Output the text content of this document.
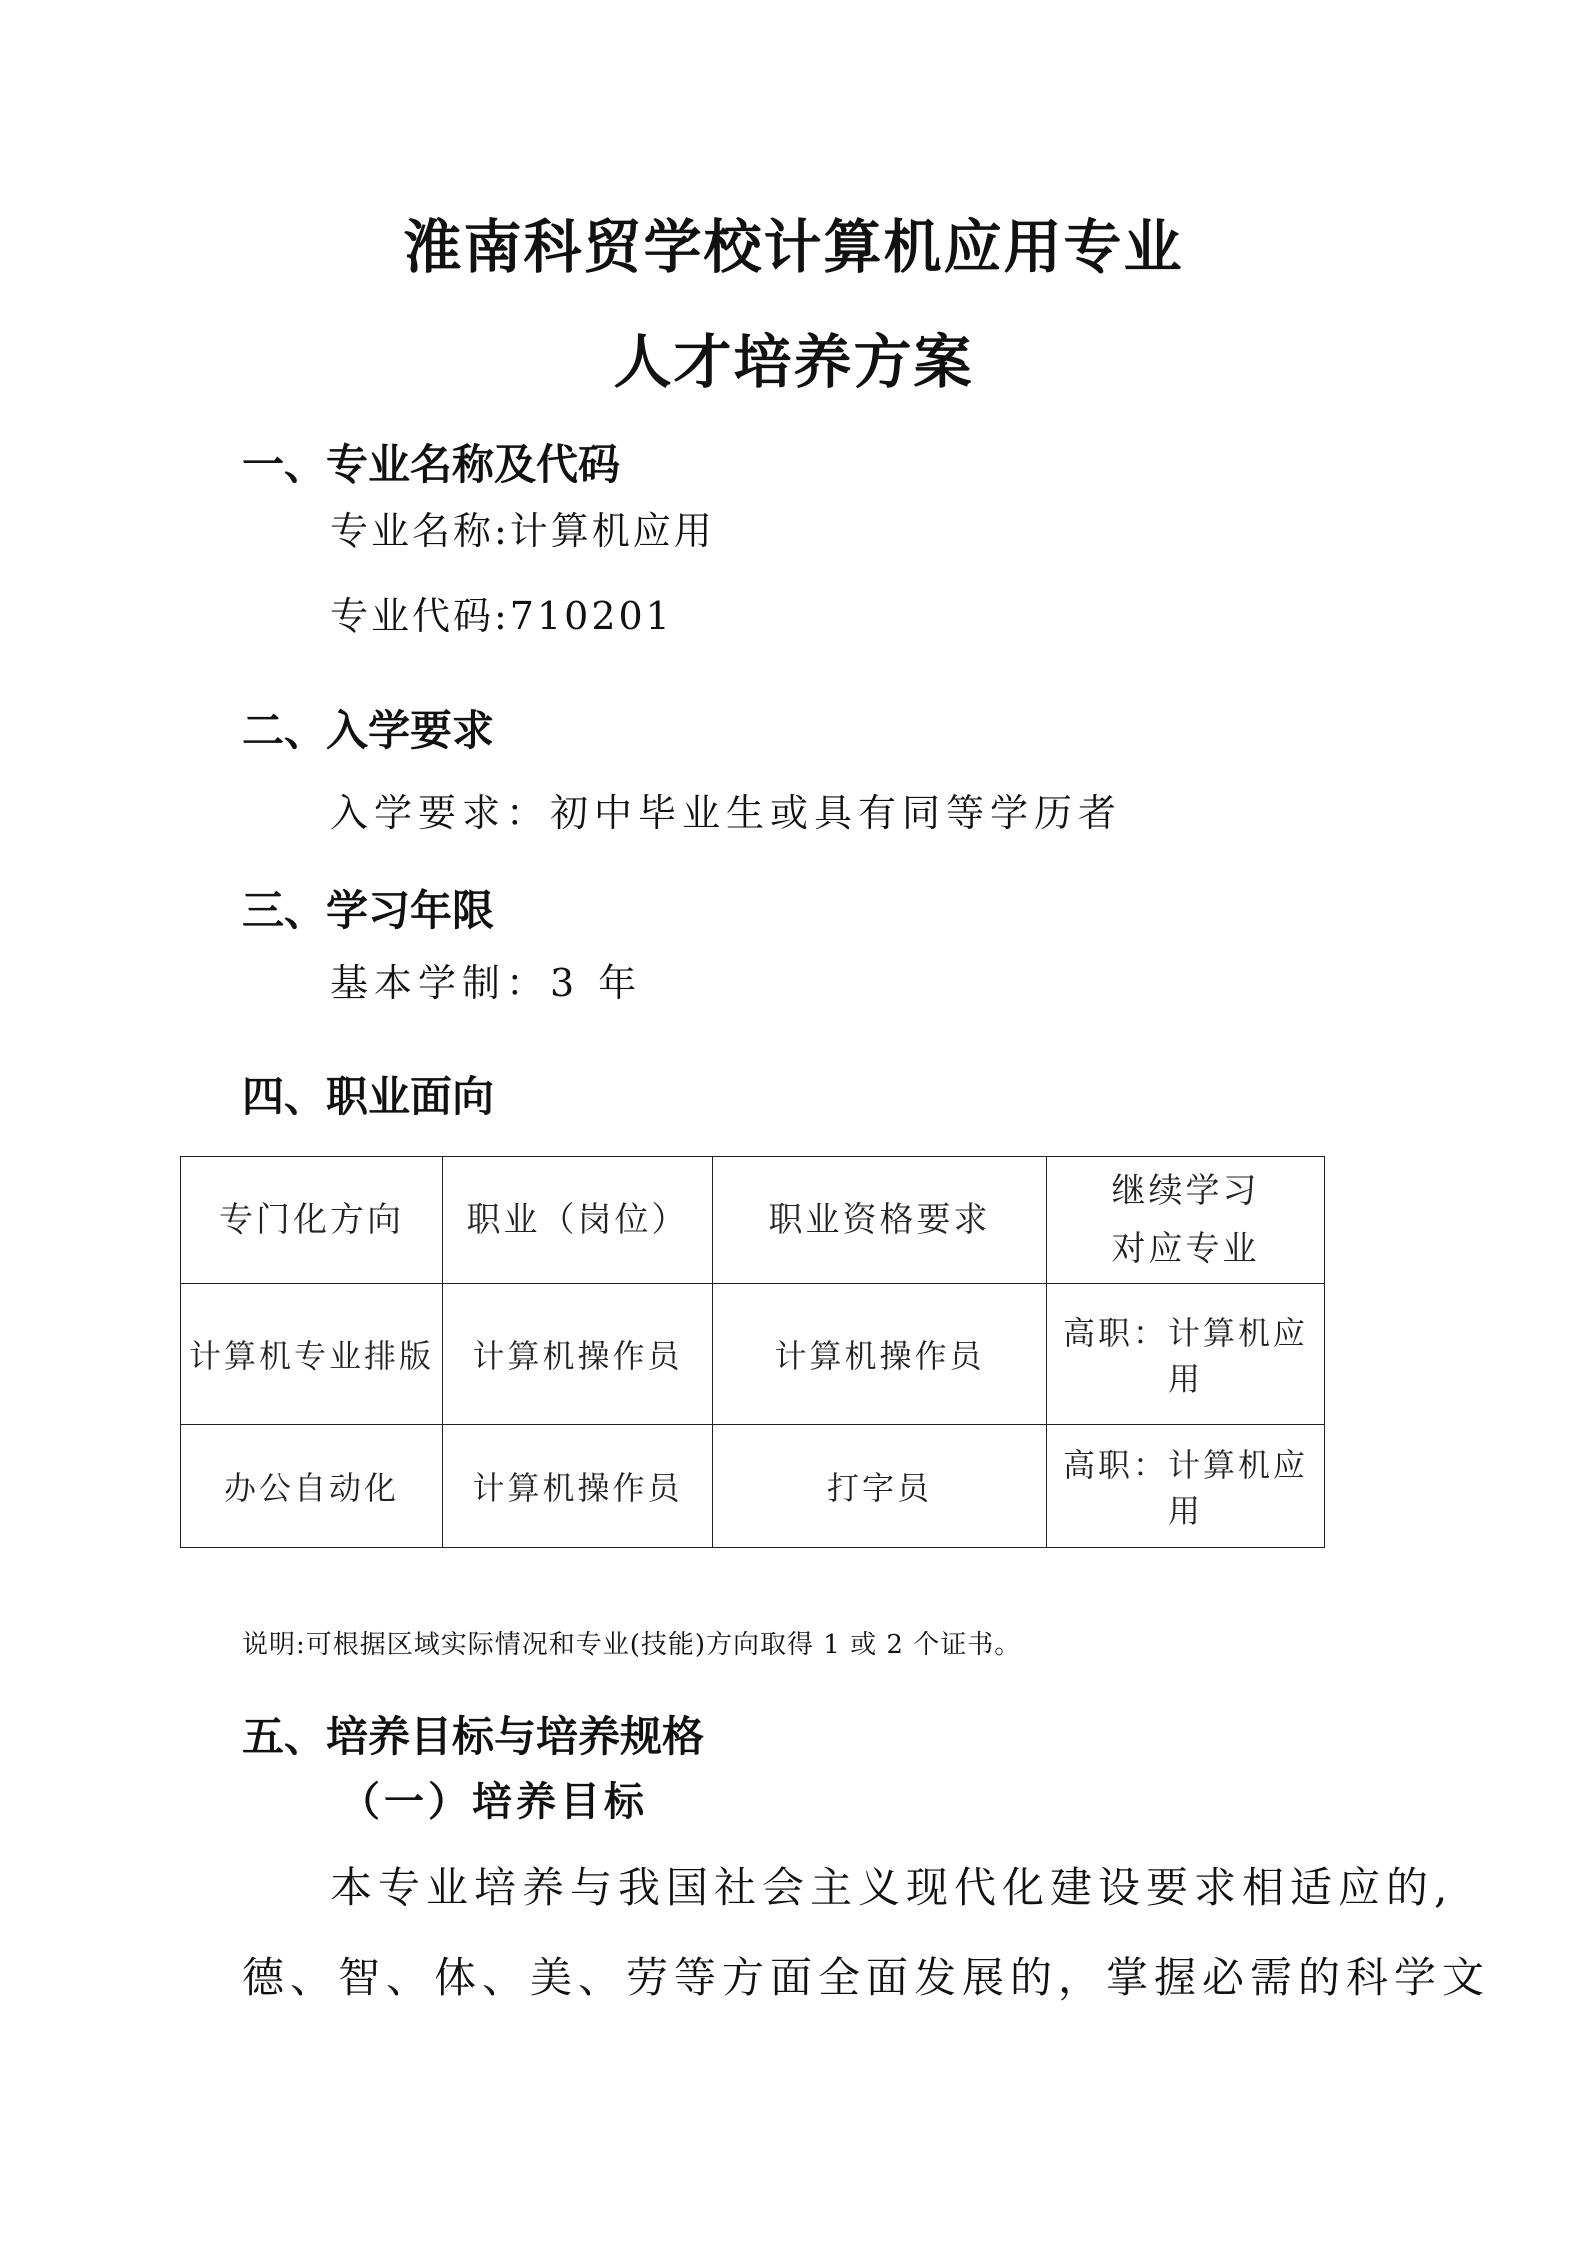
淮南科贸学校计算机应用专业
人才培养方案
一、专业名称及代码
专业名称:计算机应用
专业代码:710201
二、入学要求
入学要求：初中毕业生或具有同等学历者
三、学习年限
基本学制：3 年
四、职业面向
专门化方向	职业（岗位）	职业资格要求	继续学习
对应专业
计算机专业排版	计算机操作员	计算机操作员	高职：计算机应用
办公自动化	计算机操作员	打字员	高职：计算机应用
说明:可根据区域实际情况和专业(技能)方向取得 1 或 2 个证书。
五、培养目标与培养规格
（一）培养目标
本专业培养与我国社会主义现代化建设要求相适应的,
德、智、体、美、劳等方面全面发展的，掌握必需的科学文
